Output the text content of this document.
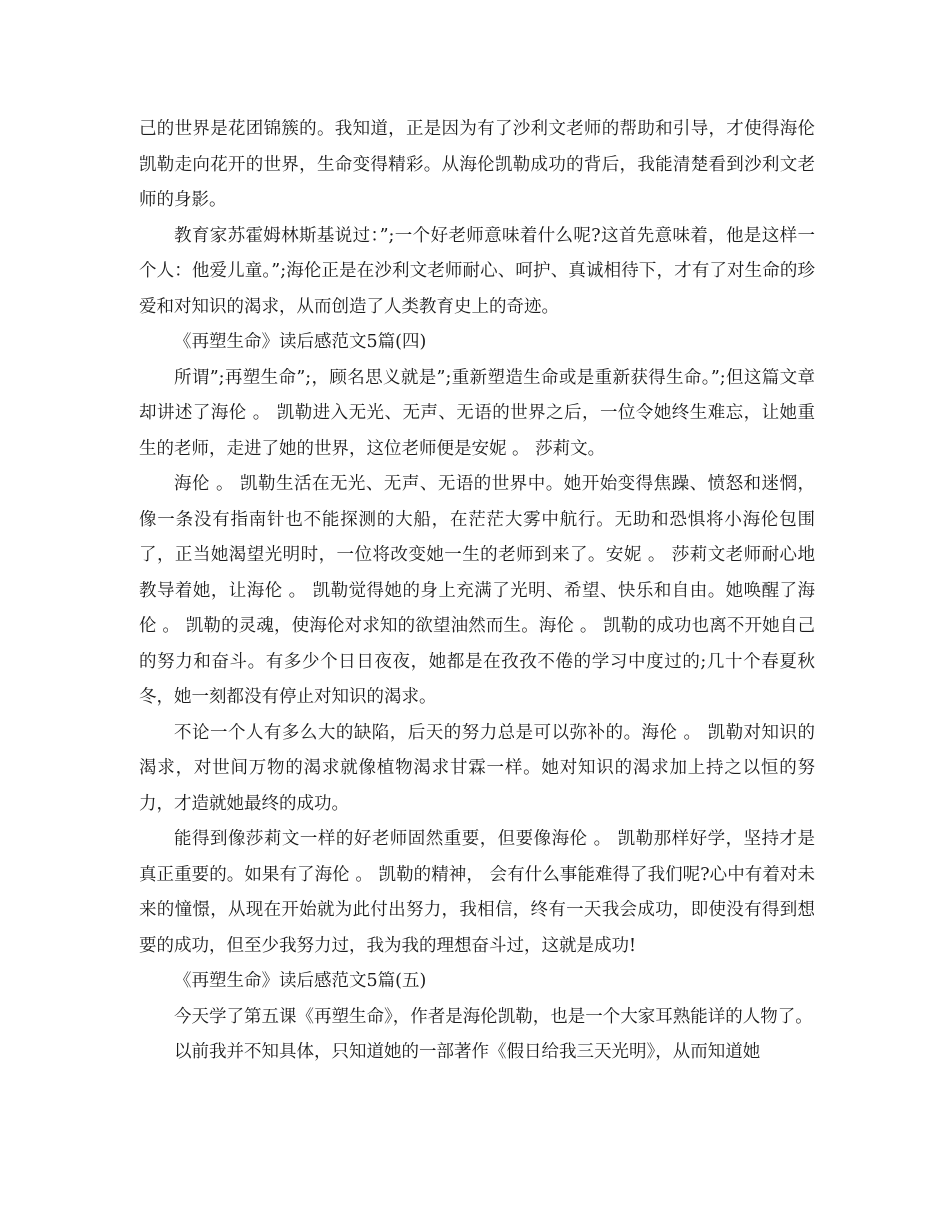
己的世界是花团锦簇的。我知道，正是因为有了沙利文老师的帮助和引导，才使得海伦凯勒走向花开的世界，生命变得精彩。从海伦凯勒成功的背后，我能清楚看到沙利文老师的身影。

教育家苏霍姆林斯基说过：”;一个好老师意味着什么呢?这首先意味着，他是这样一个人：他爱儿童。”;海伦正是在沙利文老师耐心、呵护、真诚相待下，才有了对生命的珍爱和对知识的渴求，从而创造了人类教育史上的奇迹。

《再塑生命》读后感范文5篇(四)

所谓”;再塑生命”;，顾名思义就是”;重新塑造生命或是重新获得生命。”;但这篇文章却讲述了海伦 。 凯勒进入无光、无声、无语的世界之后，一位令她终生难忘，让她重生的老师，走进了她的世界，这位老师便是安妮 。 莎莉文。

海伦 。 凯勒生活在无光、无声、无语的世界中。她开始变得焦躁、愤怒和迷惘，像一条没有指南针也不能探测的大船，在茫茫大雾中航行。无助和恐惧将小海伦包围了，正当她渴望光明时，一位将改变她一生的老师到来了。安妮 。 莎莉文老师耐心地教导着她，让海伦 。 凯勒觉得她的身上充满了光明、希望、快乐和自由。她唤醒了海伦 。 凯勒的灵魂，使海伦对求知的欲望油然而生。海伦 。 凯勒的成功也离不开她自己的努力和奋斗。有多少个日日夜夜，她都是在孜孜不倦的学习中度过的;几十个春夏秋冬，她一刻都没有停止对知识的渴求。

不论一个人有多么大的缺陷，后天的努力总是可以弥补的。海伦 。 凯勒对知识的渴求，对世间万物的渴求就像植物渴求甘霖一样。她对知识的渴求加上持之以恒的努力，才造就她最终的成功。

能得到像莎莉文一样的好老师固然重要，但要像海伦 。 凯勒那样好学，坚持才是真正重要的。如果有了海伦 。 凯勒的精神， 会有什么事能难得了我们呢?心中有着对未来的憧憬，从现在开始就为此付出努力，我相信，终有一天我会成功，即使没有得到想要的成功，但至少我努力过，我为我的理想奋斗过，这就是成功!

《再塑生命》读后感范文5篇(五)

今天学了第五课《再塑生命》，作者是海伦凯勒，也是一个大家耳熟能详的人物了。

以前我并不知具体，只知道她的一部著作《假日给我三天光明》，从而知道她
